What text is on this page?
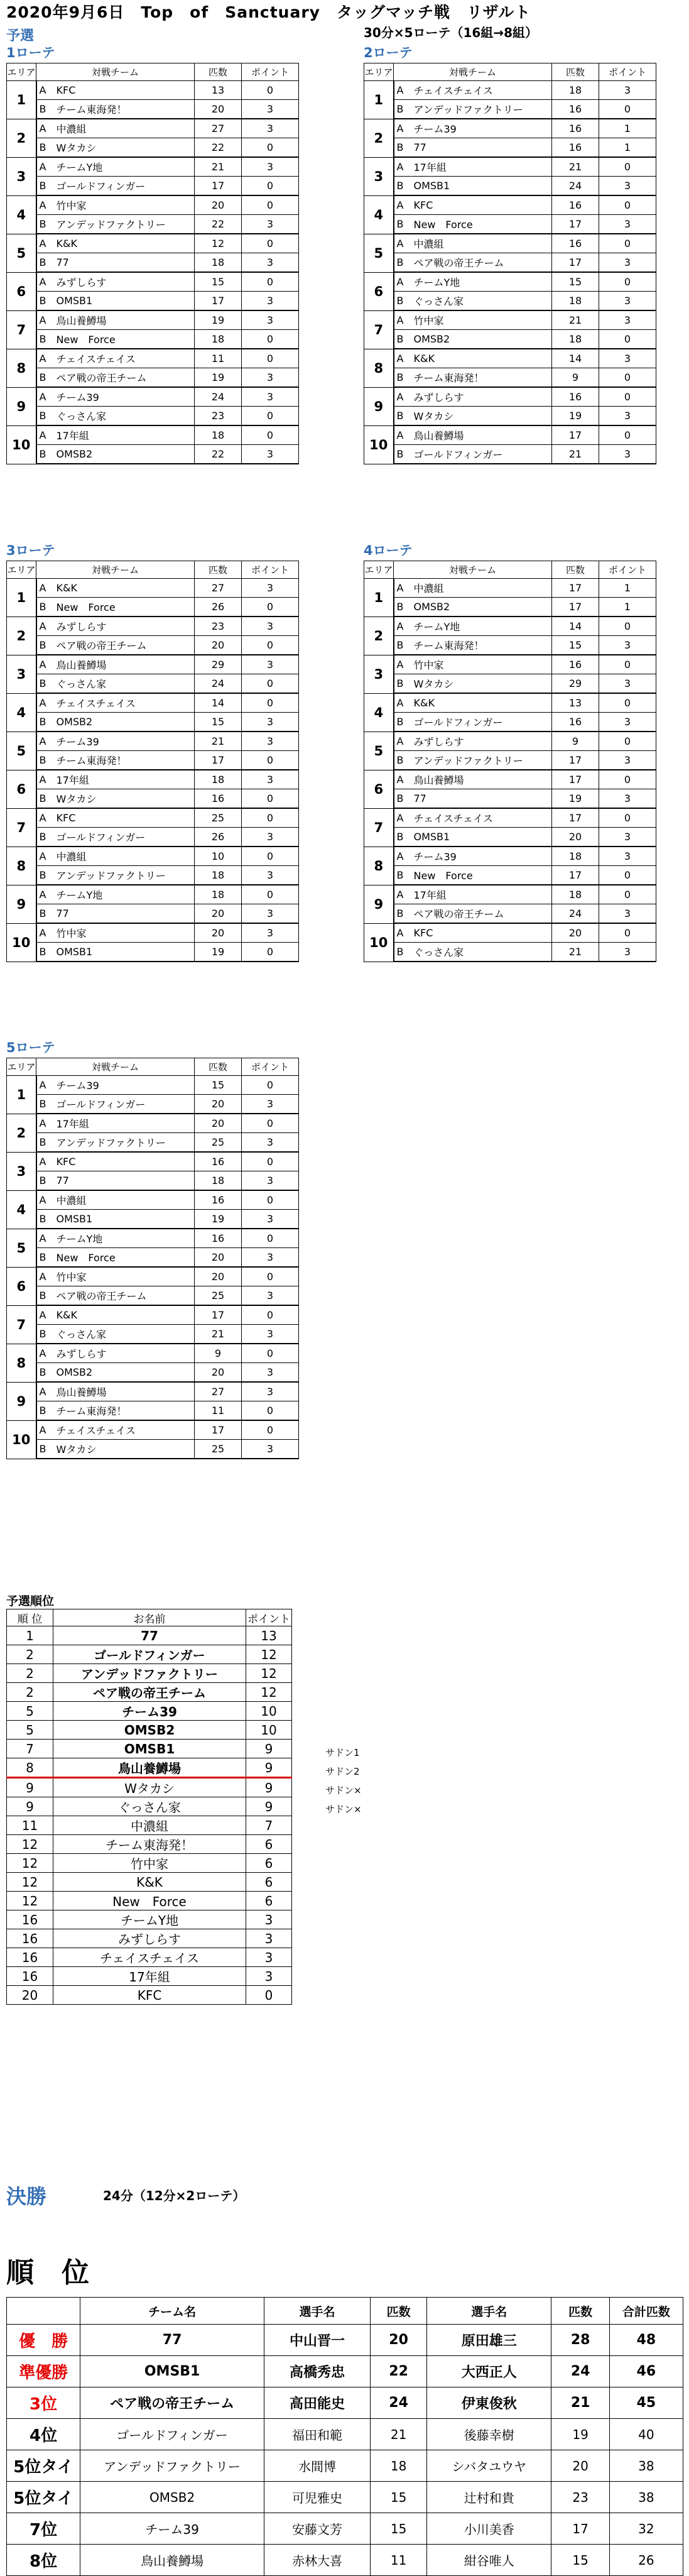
2020年9月6日　Top　of　Sanctuary　タッグマッチ戦　リザルト
30分×5ローテ（16組→8組）
予選
1ローテ
エリア	対戦チーム		匹数	ポイント
1	A	KFC	13	0
	B	チーム東海発！	20	3
2	A	中濃組	27	3
	B	Wタカシ	22	0
3	A	チームY地	21	3
	B	ゴールドフィンガー	17	0
4	A	竹中家	20	0
	B	アンデッドファクトリー	22	3
5	A	K&K	12	0
	B	77	18	3
6	A	みずしらす	15	0
	B	OMSB1	17	3
7	A	鳥山養鱒場	19	3
	B	New　Force	18	0
8	A	チェイスチェイス	11	0
	B	ペア戦の帝王チーム	19	3
9	A	チーム39	24	3
	B	ぐっさん家	23	0
10	A	17年組	18	0
	B	OMSB2	22	3
2ローテ
エリア	対戦チーム		匹数	ポイント
1	A	チェイスチェイス	18	3
	B	アンデッドファクトリー	16	0
2	A	チーム39	16	1
	B	77	16	1
3	A	17年組	21	0
	B	OMSB1	24	3
4	A	KFC	16	0
	B	New　Force	17	3
5	A	中濃組	16	0
	B	ペア戦の帝王チーム	17	3
6	A	チームY地	15	0
	B	ぐっさん家	18	3
7	A	竹中家	21	3
	B	OMSB2	18	0
8	A	K&K	14	3
	B	チーム東海発！	9	0
9	A	みずしらす	16	0
	B	Wタカシ	19	3
10	A	鳥山養鱒場	17	0
	B	ゴールドフィンガー	21	3
3ローテ
エリア	対戦チーム		匹数	ポイント
1	A	K&K	27	3
	B	New　Force	26	0
2	A	みずしらす	23	3
	B	ペア戦の帝王チーム	20	0
3	A	鳥山養鱒場	29	3
	B	ぐっさん家	24	0
4	A	チェイスチェイス	14	0
	B	OMSB2	15	3
5	A	チーム39	21	3
	B	チーム東海発！	17	0
6	A	17年組	18	3
	B	Wタカシ	16	0
7	A	KFC	25	0
	B	ゴールドフィンガー	26	3
8	A	中濃組	10	0
	B	アンデッドファクトリー	18	3
9	A	チームY地	18	0
	B	77	20	3
10	A	竹中家	20	3
	B	OMSB1	19	0
4ローテ
エリア	対戦チーム		匹数	ポイント
1	A	中濃組	17	1
	B	OMSB2	17	1
2	A	チームY地	14	0
	B	チーム東海発！	15	3
3	A	竹中家	16	0
	B	Wタカシ	29	3
4	A	K&K	13	0
	B	ゴールドフィンガー	16	3
5	A	みずしらす	9	0
	B	アンデッドファクトリー	17	3
6	A	鳥山養鱒場	17	0
	B	77	19	3
7	A	チェイスチェイス	17	0
	B	OMSB1	20	3
8	A	チーム39	18	3
	B	New　Force	17	0
9	A	17年組	18	0
	B	ペア戦の帝王チーム	24	3
10	A	KFC	20	0
	B	ぐっさん家	21	3
5ローテ
エリア	対戦チーム		匹数	ポイント
1	A	チーム39	15	0
	B	ゴールドフィンガー	20	3
2	A	17年組	20	0
	B	アンデッドファクトリー	25	3
3	A	KFC	16	0
	B	77	18	3
4	A	中濃組	16	0
	B	OMSB1	19	3
5	A	チームY地	16	0
	B	New　Force	20	3
6	A	竹中家	20	0
	B	ペア戦の帝王チーム	25	3
7	A	K&K	17	0
	B	ぐっさん家	21	3
8	A	みずしらす	9	0
	B	OMSB2	20	3
9	A	鳥山養鱒場	27	3
	B	チーム東海発！	11	0
10	A	チェイスチェイス	17	0
	B	Wタカシ	25	3
予選順位
順 位	お名前	ポイント
1	77	13
2	ゴールドフィンガー	12
2	アンデッドファクトリー	12
2	ペア戦の帝王チーム	12
5	チーム39	10
5	OMSB2	10
7	OMSB1	9
8	鳥山養鱒場	9
9	Wタカシ	9
9	ぐっさん家	9
11	中濃組	7
12	チーム東海発！	6
12	竹中家	6
12	K&K	6
12	New　Force	6
16	チームY地	3
16	みずしらす	3
16	チェイスチェイス	3
16	17年組	3
20	KFC	0
サドン1
サドン2
サドン×
サドン×
決勝	24分（12分×2ローテ）
順　位
	チーム名	選手名	匹数	選手名	匹数	合計匹数
優　勝	77	中山晋一	20	原田雄三	28	48
準優勝	OMSB1	高橋秀忠	22	大西正人	24	46
3位	ペア戦の帝王チーム	高田能史	24	伊東俊秋	21	45
4位	ゴールドフィンガー	福田和範	21	後藤幸樹	19	40
5位タイ	アンデッドファクトリー	水間博	18	シバタユウヤ	20	38
5位タイ	OMSB2	可児雅史	15	辻村和貴	23	38
7位	チーム39	安藤文芳	15	小川美香	17	32
8位	鳥山養鱒場	赤林大喜	11	紺谷唯人	15	26
